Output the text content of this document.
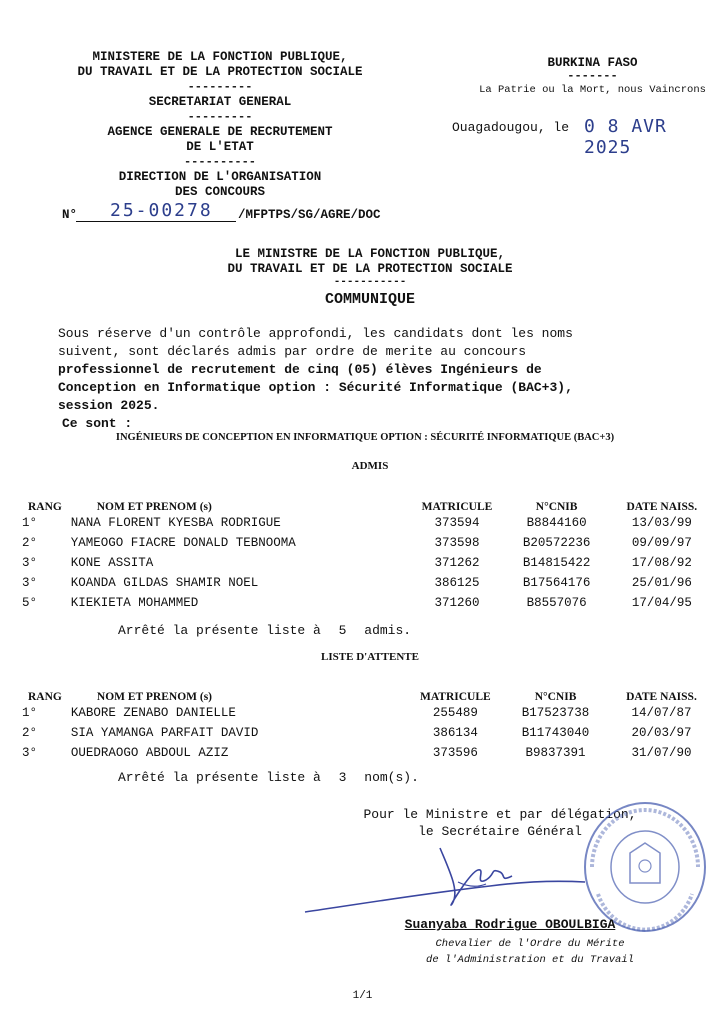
MINISTERE DE LA FONCTION PUBLIQUE,
DU TRAVAIL ET DE LA PROTECTION SOCIALE
---------
SECRETARIAT GENERAL
---------
AGENCE GENERALE DE RECRUTEMENT
DE L'ETAT
----------
DIRECTION DE L'ORGANISATION
DES CONCOURS
N° 25-00278 /MFPTPS/SG/AGRE/DOC
BURKINA FASO
-------
La Patrie ou la Mort, nous Vaincrons
Ouagadougou, le 0 8 AVR 2025
LE MINISTRE DE LA FONCTION PUBLIQUE,
DU TRAVAIL ET DE LA PROTECTION SOCIALE
-----------
COMMUNIQUE
Sous réserve d'un contrôle approfondi, les candidats dont les noms
suivent, sont déclarés admis par ordre de merite au concours
professionnel de recrutement de cinq (05) élèves Ingénieurs de
Conception en Informatique option : Sécurité Informatique (BAC+3),
session 2025.
Ce sont :
INGÉNIEURS DE CONCEPTION EN INFORMATIQUE OPTION : SÉCURITÉ INFORMATIQUE (BAC+3)
ADMIS
RANG	NOM ET PRENOM (s)	MATRICULE	N°CNIB	DATE NAISS.
1°	NANA FLORENT KYESBA RODRIGUE	373594	B8844160	13/03/99
2°	YAMEOGO FIACRE DONALD TEBNOOMA	373598	B20572236	09/09/97
3°	KONE ASSITA	371262	B14815422	17/08/92
3°	KOANDA GILDAS SHAMIR NOEL	386125	B17564176	25/01/96
5°	KIEKIETA MOHAMMED	371260	B8557076	17/04/95
Arrêté la présente liste à 5 admis.
LISTE D'ATTENTE
RANG	NOM ET PRENOM (s)	MATRICULE	N°CNIB	DATE NAISS.
1°	KABORE ZENABO DANIELLE	255489	B17523738	14/07/87
2°	SIA YAMANGA PARFAIT DAVID	386134	B11743040	20/03/97
3°	OUEDRAOGO ABDOUL AZIZ	373596	B9837391	31/07/90
Arrêté la présente liste à 3 nom(s).
Pour le Ministre et par délégation,
le Secrétaire Général
Suanyaba Rodrigue OBOULBIGA
Chevalier de l'Ordre du Mérite
de l'Administration et du Travail
1/1
